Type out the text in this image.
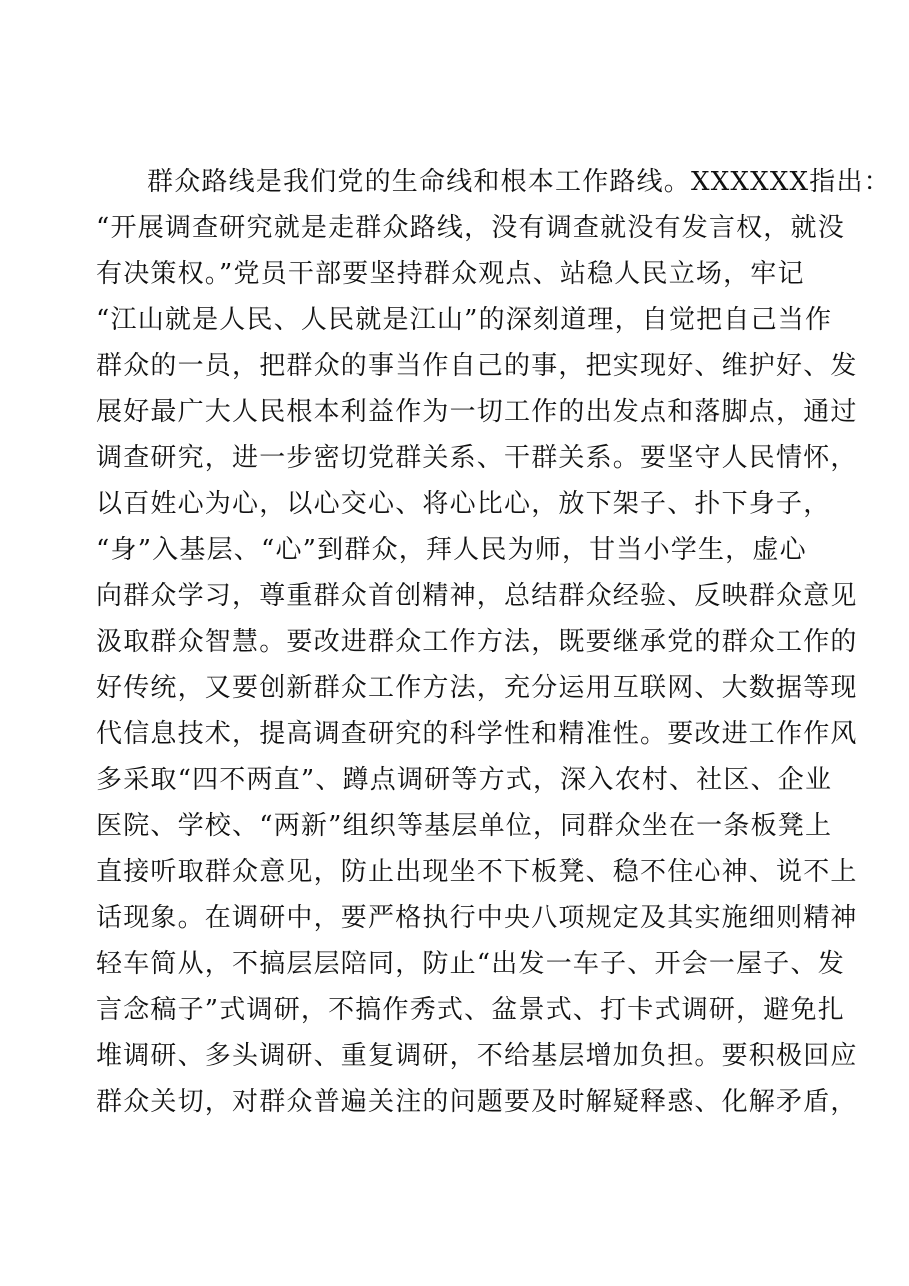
群众路线是我们党的生命线和根本工作路线。XXXXXX指出：
“开展调查研究就是走群众路线，没有调查就没有发言权，就没
有决策权。”党员干部要坚持群众观点、站稳人民立场，牢记
“江山就是人民、人民就是江山”的深刻道理，自觉把自己当作
群众的一员，把群众的事当作自己的事，把实现好、维护好、发
展好最广大人民根本利益作为一切工作的出发点和落脚点，通过
调查研究，进一步密切党群关系、干群关系。要坚守人民情怀，
以百姓心为心，以心交心、将心比心，放下架子、扑下身子，
“身”入基层、“心”到群众，拜人民为师，甘当小学生，虚心
向群众学习，尊重群众首创精神，总结群众经验、反映群众意见
汲取群众智慧。要改进群众工作方法，既要继承党的群众工作的
好传统，又要创新群众工作方法，充分运用互联网、大数据等现
代信息技术，提高调查研究的科学性和精准性。要改进工作作风
多采取“四不两直”、蹲点调研等方式，深入农村、社区、企业
医院、学校、“两新”组织等基层单位，同群众坐在一条板凳上
直接听取群众意见，防止出现坐不下板凳、稳不住心神、说不上
话现象。在调研中，要严格执行中央八项规定及其实施细则精神
轻车简从，不搞层层陪同，防止“出发一车子、开会一屋子、发
言念稿子”式调研，不搞作秀式、盆景式、打卡式调研，避免扎
堆调研、多头调研、重复调研，不给基层增加负担。要积极回应
群众关切，对群众普遍关注的问题要及时解疑释惑、化解矛盾，
